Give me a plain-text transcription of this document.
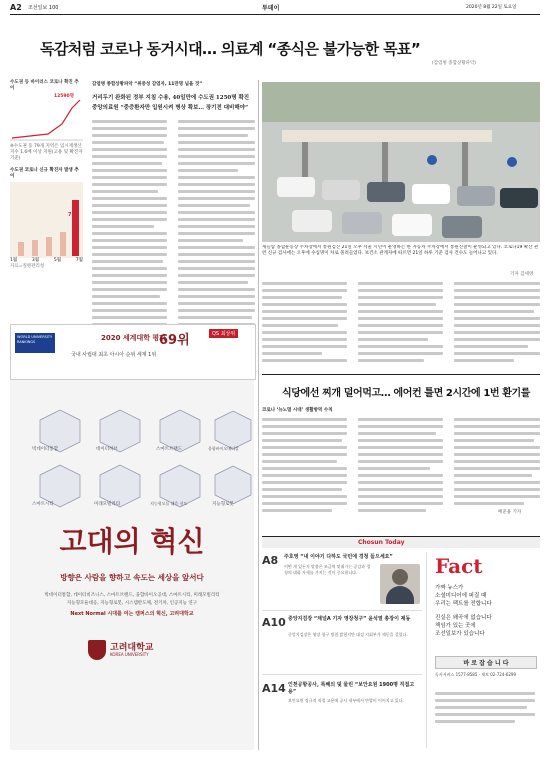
A2 조선일보 100	투데이	2020년 8월 22일 토요일
독감처럼 코로나 동거시대… 의료계 “종식은 불가능한 목표”
(감염병 종합상황파악)
수도권 등 바이러스 코로나 확진 추이
12590명
※수도권 등 79개 지역은 임시재생산지수 1.6배 이상 지원(고용 및 확진자 기준)
수도권 코로나 신규 확진자 발생 추이
75
1월	3월	5월	7월
자료=질병관리청
감염병 종합상황파악 “위중성 감염자, 11만명 넘을 것”
거리두기 완화된 정부 지침 수용, 40일만에 수도권 1250명 확진
중앙의료원 “중증환자만 입원시켜 병상 확보… 장기전 대비해야”
새들랍 종합운동장 주차장에서 통원검진 21일 오후 서울 시민이 운영하는 한 자동차 주차장에서 통원진찰이 운영되고 있다. 코로나19 확산 관련 신규 검사에는 오후에 수십명이 차로 몰려들었다. 보건소 관계자에 따르면 21일 하루 기준 검사 건수도 늘어나고 있다.
기자 김세영
WORLD UNIVERSITY RANKINGS	2020 세계대학 평가
69위	QS 최상위
국내 사립대 최초 아시아 순위 세계 1위
빅데이터통합	데이터허브	스마트브랜드	융합바이오메디칼
스마트시티	미래모빌리티	지능형모듈 대응 선도	지능형로봇
고대의 혁신
방향은 사람을 향하고 속도는 세상을 앞서다
빅데이터통합, 데이터비즈니스, 스마트브랜드, 융합바이오공대, 스마트시티, 미래모빌리티
지능형모듈대응, 지능형로봇, 시스템반도체, 전기차, 인공지능 연구
Next Normal 시대를 여는 캠퍼스의 혁신, 고려대학교
고려대학교
KOREA UNIVERSITY
식당에선 찌개 덜어먹고… 에어컨 틀면 2시간에 1번 환기를
코로나 ‘뉴노멀 시대’ 생활방역 수칙
배준용 기자
Chosun Today
A8 주호영 “내 이야기 다하도 국민에 경청 들으세요”
어떤 게 있든지 말씀은 조금씩 맞춰가는 공감과 경청의 대화 자세를 가지는 것이 중요합니다.
A10 중앙지검장 “채널A 기자 영장청구” 윤석열 총장이 제동
중앙지검장은 영장 청구 방침 밝혔지만 대검 지휘부가 제동을 걸었다.
A14 인천공항공사, 특혜의 덫 물린 “보안요원 1900명 직접고용”
보안요원 정규직 직접 고용에 공사 내부에서 반발이 이어지고 있다.
Fact
가짜 뉴스가
소셜미디어에 퍼질 때
우리는 팩트를 전합니다
진실은 왜곡에 없습니다
책임가 있는 곳에
조선일보가 있습니다
바 로 잡 습 니 다
독자서비스 1577-8585 · 제보 02-724-6299
